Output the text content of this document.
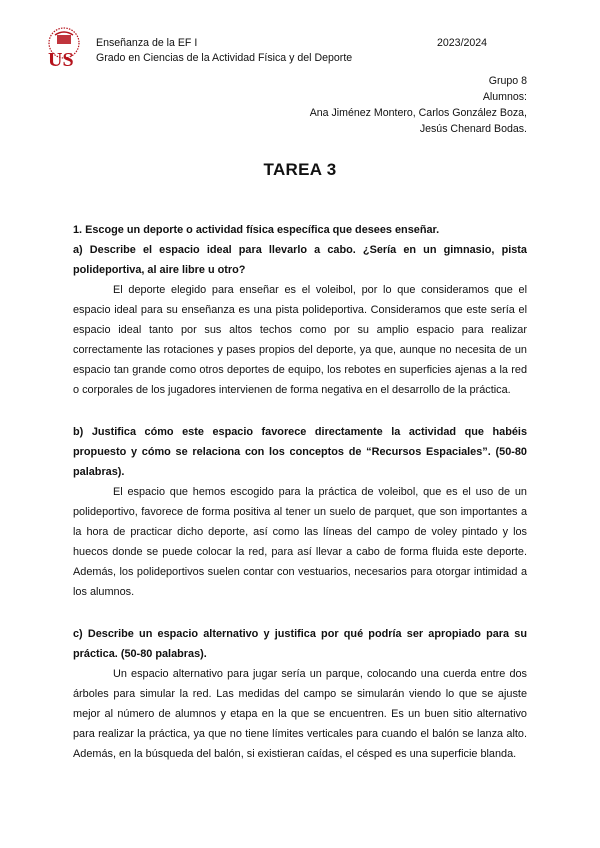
US
Enseñanza de la EF I
Grado en Ciencias de la Actividad Física y del Deporte
2023/2024
Grupo 8
Alumnos:
Ana Jiménez Montero, Carlos González Boza,
Jesús Chenard Bodas.
TAREA 3

1. Escoge un deporte o actividad física específica que desees enseñar.

a) Describe el espacio ideal para llevarlo a cabo. ¿Sería en un gimnasio, pista polideportiva, al aire libre u otro?

El deporte elegido para enseñar es el voleibol, por lo que consideramos que el espacio ideal para su enseñanza es una pista polideportiva. Consideramos que este sería el espacio ideal tanto por sus altos techos como por su amplio espacio para realizar correctamente las rotaciones y pases propios del deporte, ya que, aunque no necesita de un espacio tan grande como otros deportes de equipo, los rebotes en superficies ajenas a la red o corporales de los jugadores intervienen de forma negativa en el desarrollo de la práctica.

b) Justifica cómo este espacio favorece directamente la actividad que habéis propuesto y cómo se relaciona con los conceptos de “Recursos Espaciales”. (50-80 palabras).

El espacio que hemos escogido para la práctica de voleibol, que es el uso de un polideportivo, favorece de forma positiva al tener un suelo de parquet, que son importantes a la hora de practicar dicho deporte, así como las líneas del campo de voley pintado y los huecos donde se puede colocar la red, para así llevar a cabo de forma fluida este deporte. Además, los polideportivos suelen contar con vestuarios, necesarios para otorgar intimidad a los alumnos.

c) Describe un espacio alternativo y justifica por qué podría ser apropiado para su práctica. (50-80 palabras).

Un espacio alternativo para jugar sería un parque, colocando una cuerda entre dos árboles para simular la red. Las medidas del campo se simularán viendo lo que se ajuste mejor al número de alumnos y etapa en la que se encuentren. Es un buen sitio alternativo para realizar la práctica, ya que no tiene límites verticales para cuando el balón se lanza alto. Además, en la búsqueda del balón, si existieran caídas, el césped es una superficie blanda.
